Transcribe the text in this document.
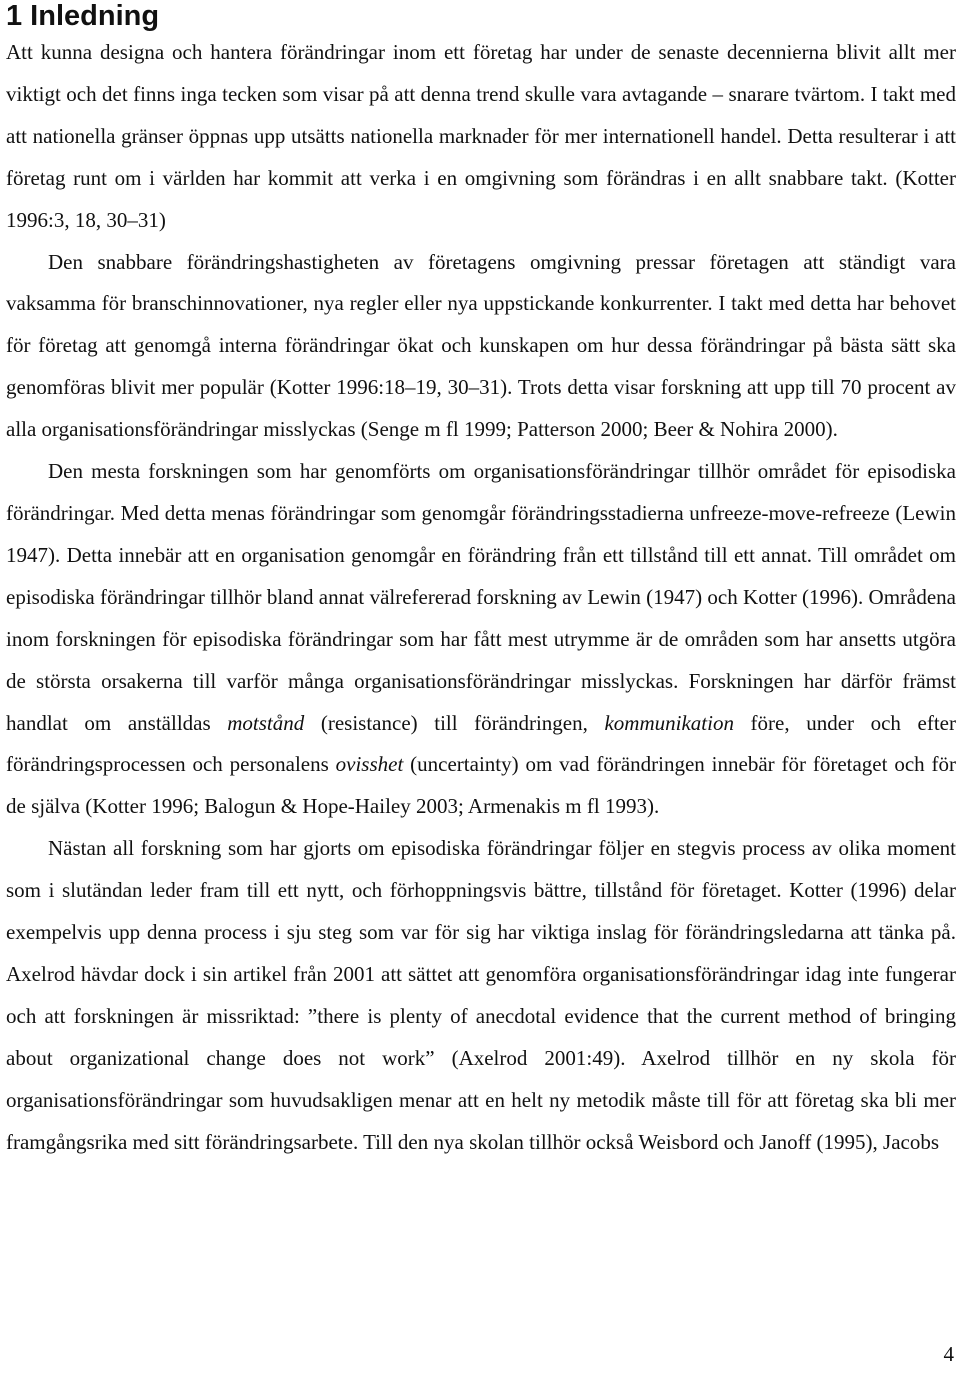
1 Inledning

Att kunna designa och hantera förändringar inom ett företag har under de senaste decennierna blivit allt mer viktigt och det finns inga tecken som visar på att denna trend skulle vara avtagande – snarare tvärtom. I takt med att nationella gränser öppnas upp utsätts nationella marknader för mer internationell handel. Detta resulterar i att företag runt om i världen har kommit att verka i en omgivning som förändras i en allt snabbare takt. (Kotter 1996:3, 18, 30–31)

Den snabbare förändringshastigheten av företagens omgivning pressar företagen att ständigt vara vaksamma för branschinnovationer, nya regler eller nya uppstickande konkurrenter. I takt med detta har behovet för företag att genomgå interna förändringar ökat och kunskapen om hur dessa förändringar på bästa sätt ska genomföras blivit mer populär (Kotter 1996:18–19, 30–31). Trots detta visar forskning att upp till 70 procent av alla organisationsförändringar misslyckas (Senge m fl 1999; Patterson 2000; Beer & Nohira 2000).

Den mesta forskningen som har genomförts om organisationsförändringar tillhör området för episodiska förändringar. Med detta menas förändringar som genomgår förändringsstadierna unfreeze-move-refreeze (Lewin 1947). Detta innebär att en organisation genomgår en förändring från ett tillstånd till ett annat. Till området om episodiska förändringar tillhör bland annat välrefererad forskning av Lewin (1947) och Kotter (1996). Områdena inom forskningen för episodiska förändringar som har fått mest utrymme är de områden som har ansetts utgöra de största orsakerna till varför många organisationsförändringar misslyckas. Forskningen har därför främst handlat om anställdas motstånd (resistance) till förändringen, kommunikation före, under och efter förändringsprocessen och personalens ovisshet (uncertainty) om vad förändringen innebär för företaget och för de själva (Kotter 1996; Balogun & Hope-Hailey 2003; Armenakis m fl 1993).

Nästan all forskning som har gjorts om episodiska förändringar följer en stegvis process av olika moment som i slutändan leder fram till ett nytt, och förhoppningsvis bättre, tillstånd för företaget. Kotter (1996) delar exempelvis upp denna process i sju steg som var för sig har viktiga inslag för förändringsledarna att tänka på. Axelrod hävdar dock i sin artikel från 2001 att sättet att genomföra organisationsförändringar idag inte fungerar och att forskningen är missriktad: ”there is plenty of anecdotal evidence that the current method of bringing about organizational change does not work” (Axelrod 2001:49). Axelrod tillhör en ny skola för organisationsförändringar som huvudsakligen menar att en helt ny metodik måste till för att företag ska bli mer framgångsrika med sitt förändringsarbete. Till den nya skolan tillhör också Weisbord och Janoff (1995), Jacobs

4
